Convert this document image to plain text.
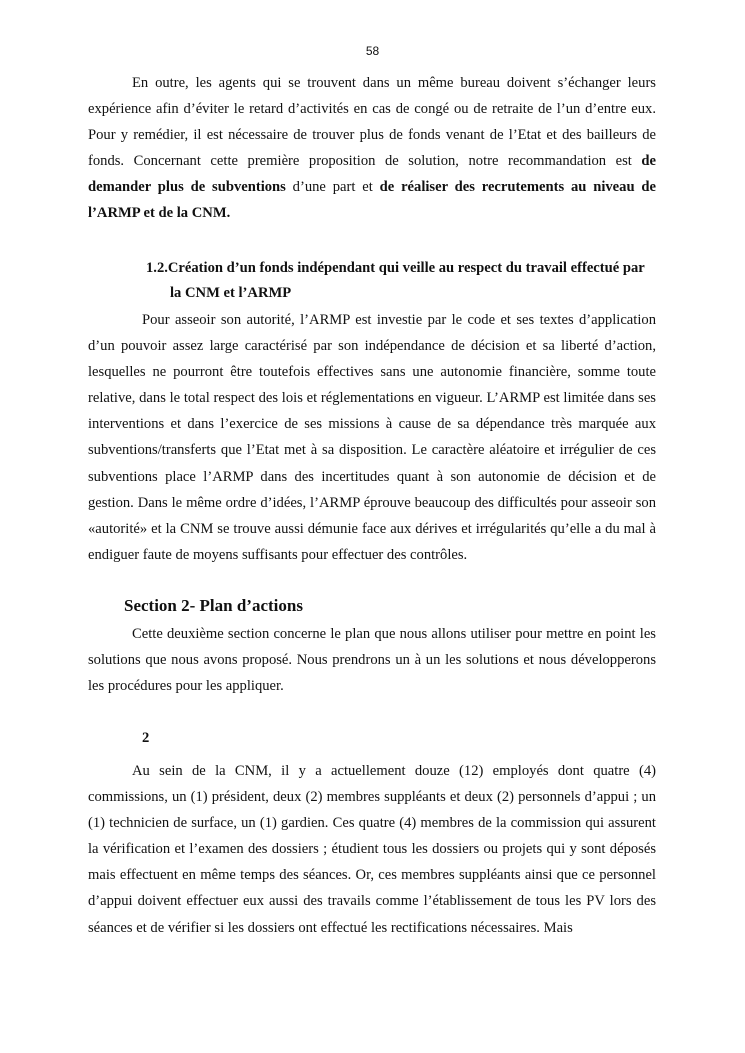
58

En outre, les agents qui se trouvent dans un même bureau doivent s’échanger leurs expérience afin d’éviter le retard d’activités en cas de congé ou de retraite de l’un d’entre eux. Pour y remédier, il est nécessaire de trouver plus de fonds venant de l’Etat et des bailleurs de fonds. Concernant cette première proposition de solution, notre recommandation est de demander plus de subventions d’une part et de réaliser des recrutements au niveau de l’ARMP et de la CNM.

1.2.Création d’un fonds indépendant qui veille au respect du travail effectué par
la CNM et l’ARMP

Pour asseoir son autorité, l’ARMP est investie par le code et ses textes d’application d’un pouvoir assez large caractérisé par son indépendance de décision et sa liberté d’action, lesquelles ne pourront être toutefois effectives sans une autonomie financière, somme toute relative, dans le total respect des lois et réglementations en vigueur. L’ARMP est limitée dans ses interventions et dans l’exercice de ses missions à cause de sa dépendance très marquée aux subventions/transferts que l’Etat met à sa disposition. Le caractère aléatoire et irrégulier de ces subventions place l’ARMP dans des incertitudes quant à son autonomie de décision et de gestion. Dans le même ordre d’idées, l’ARMP éprouve beaucoup des difficultés pour asseoir son «autorité» et la CNM se trouve aussi démunie face aux dérives et irrégularités qu’elle a du mal à endiguer faute de moyens suffisants pour effectuer des contrôles.

Section 2- Plan d’actions

Cette deuxième section concerne le plan que nous allons utiliser pour mettre en point les solutions que nous avons proposé. Nous prendrons un à un les solutions et nous développerons les procédures pour les appliquer.

2

Au sein de la CNM, il y a actuellement douze (12) employés dont quatre (4) commissions, un (1) président, deux (2) membres suppléants et deux (2) personnels d’appui ; un (1) technicien de surface, un (1) gardien. Ces quatre (4) membres de la commission qui assurent la vérification et l’examen des dossiers ; étudient tous les dossiers ou projets qui y sont déposés mais effectuent en même temps des séances. Or, ces membres suppléants ainsi que ce personnel d’appui doivent effectuer eux aussi des travails comme l’établissement de tous les PV lors des séances et de vérifier si les dossiers ont effectué les rectifications nécessaires. Mais
